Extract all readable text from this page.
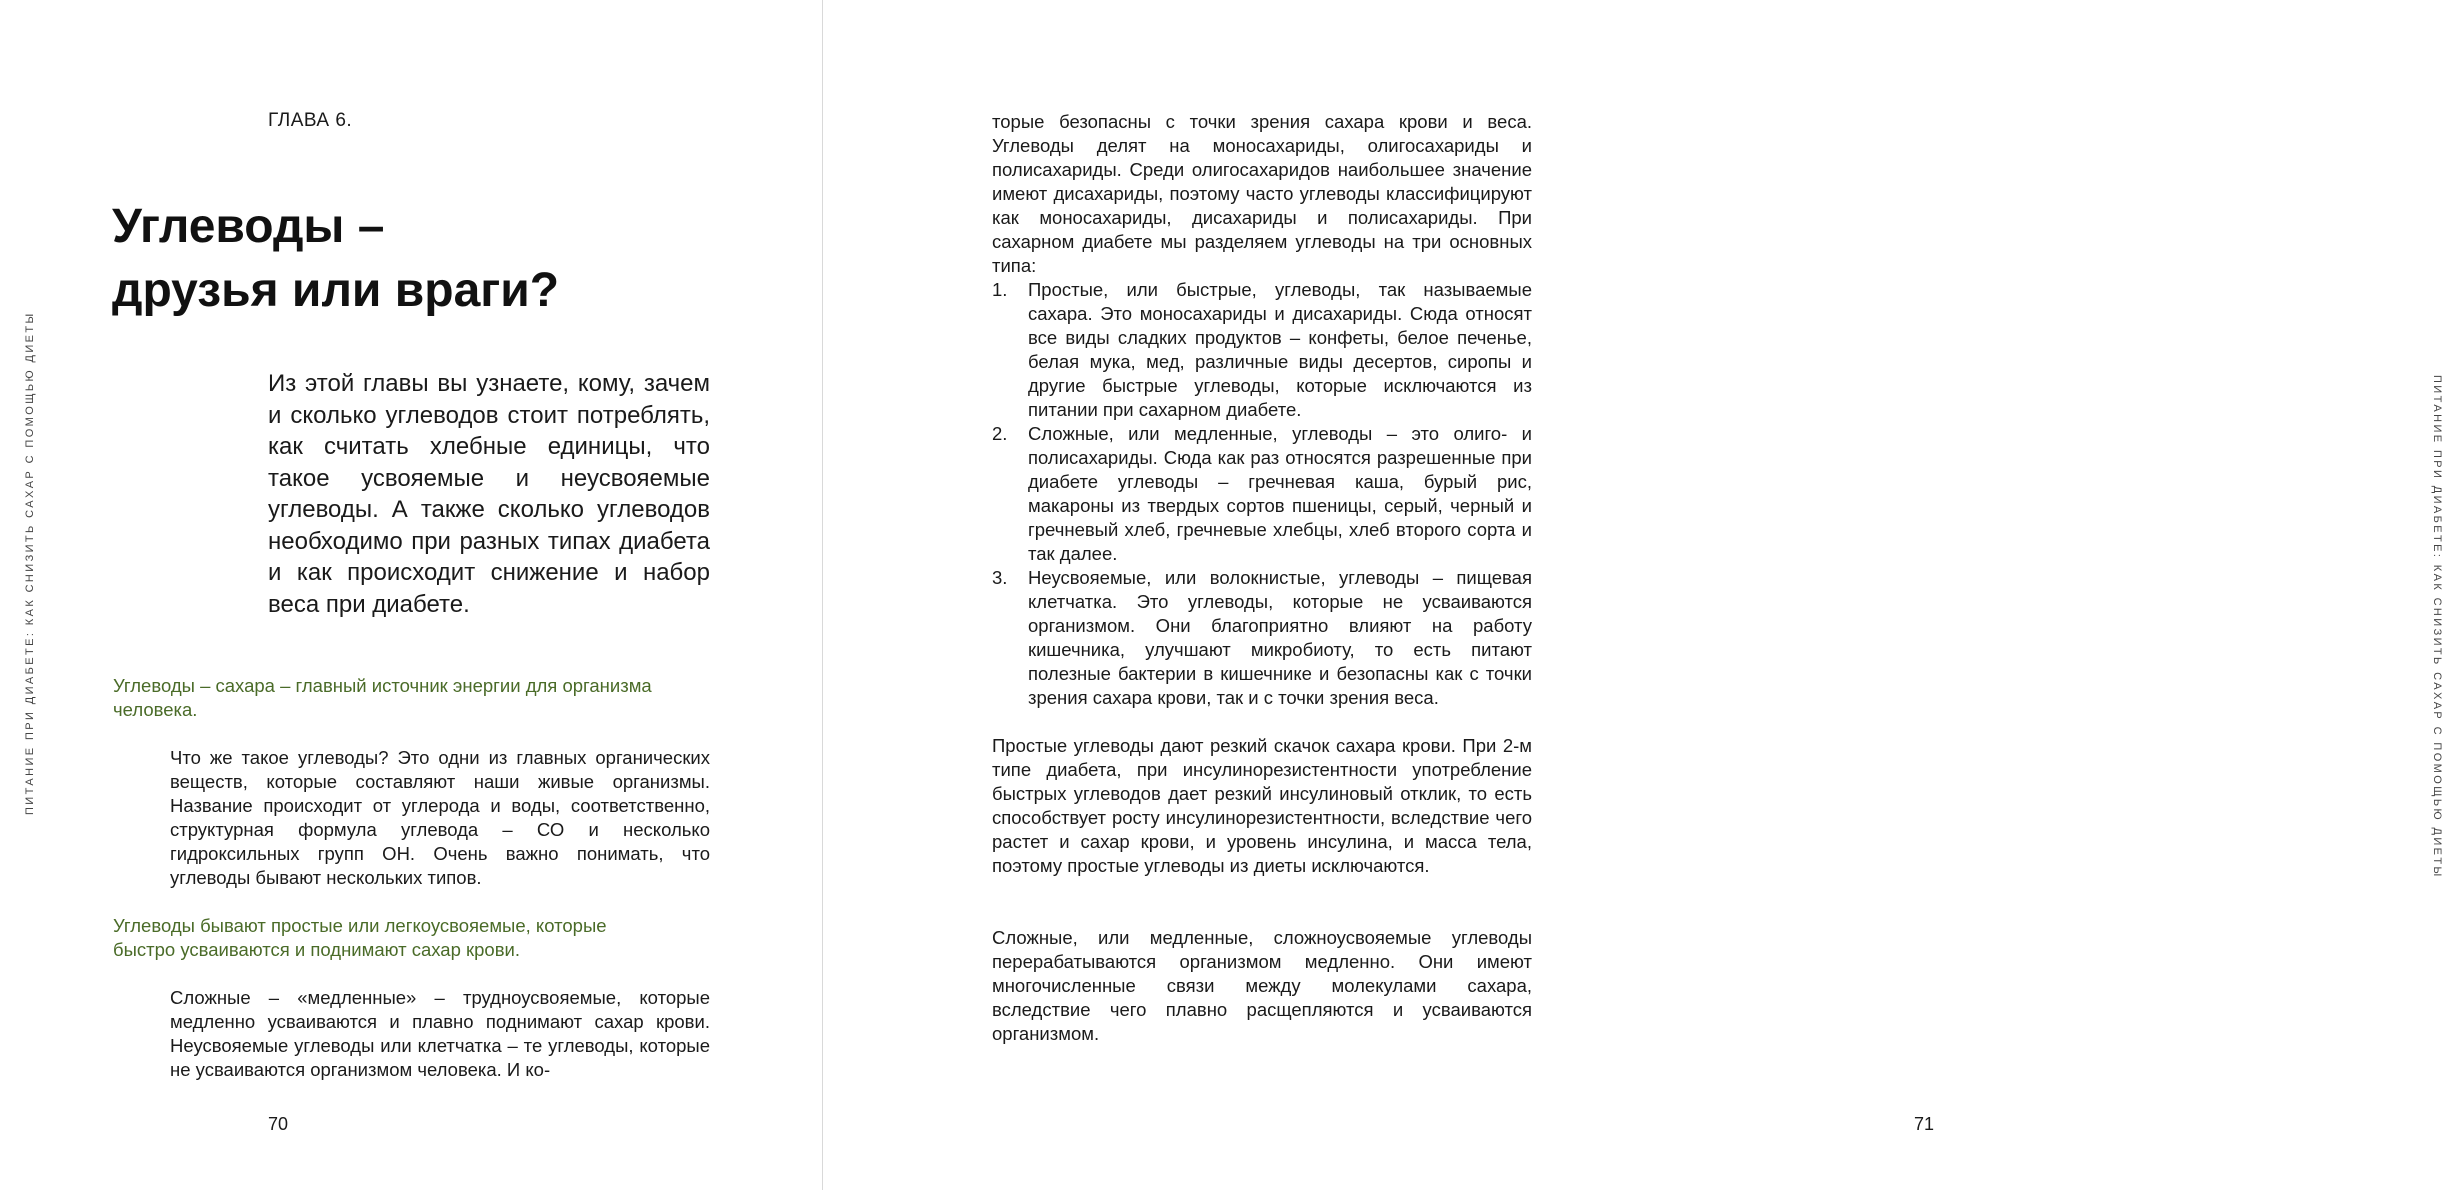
ПИТАНИЕ ПРИ ДИАБЕТЕ: КАК СНИЗИТЬ САХАР С ПОМОЩЬЮ ДИЕТЫ
ГЛАВА 6.
Углеводы –
друзья или враги?

Из этой главы вы узнаете, кому, зачем и сколько углеводов стоит потреблять, как считать хлебные единицы, что такое усвояемые и неусвояемые углеводы. А также сколько углеводов необходимо при разных типах диабета и как происходит снижение и набор веса при диабете.

Углеводы – сахара – главный источник энергии для организма человека.

Что же такое углеводы? Это одни из главных органических веществ, которые составляют наши живые организмы. Название происходит от углерода и воды, соответственно, структурная формула углевода – СО и несколько гидроксильных групп ОН. Очень важно понимать, что углеводы бывают нескольких типов.

Углеводы бывают простые или легкоусвояемые, которые быстро усваиваются и поднимают сахар крови.

Сложные – «медленные» – трудноусвояемые, которые медленно усваиваются и плавно поднимают сахар крови. Неусвояемые углеводы или клетчатка – те углеводы, которые не усваиваются организмом человека. И ко-

70
ПИТАНИЕ ПРИ ДИАБЕТЕ: КАК СНИЗИТЬ САХАР С ПОМОЩЬЮ ДИЕТЫ
71

торые безопасны с точки зрения сахара крови и веса. Углеводы делят на моносахариды, олигосахариды и полисахариды. Среди олигосахаридов наибольшее значение имеют дисахариды, поэтому часто углеводы классифицируют как моносахариды, дисахариды и полисахариды. При сахарном диабете мы разделяем углеводы на три основных типа:

1. Простые, или быстрые, углеводы, так называемые сахара. Это моносахариды и дисахариды. Сюда относят все виды сладких продуктов – конфеты, белое печенье, белая мука, мед, различные виды десертов, сиропы и другие быстрые углеводы, которые исключаются из питании при сахарном диабете.
2. Сложные, или медленные, углеводы – это олиго- и полисахариды. Сюда как раз относятся разрешенные при диабете углеводы – гречневая каша, бурый рис, макароны из твердых сортов пшеницы, серый, черный и гречневый хлеб, гречневые хлебцы, хлеб второго сорта и так далее.
3. Неусвояемые, или волокнистые, углеводы – пищевая клетчатка. Это углеводы, которые не усваиваются организмом. Они благоприятно влияют на работу кишечника, улучшают микробиоту, то есть питают полезные бактерии в кишечнике и безопасны как с точки зрения сахара крови, так и с точки зрения веса.

Простые углеводы дают резкий скачок сахара крови. При 2-м типе диабета, при инсулинорезистентности употребление быстрых углеводов дает резкий инсулиновый отклик, то есть способствует росту инсулинорезистентности, вследствие чего растет и сахар крови, и уровень инсулина, и масса тела, поэтому простые углеводы из диеты исключаются.

Сложные, или медленные, сложноусвояемые углеводы перерабатываются организмом медленно. Они имеют многочисленные связи между молекулами сахара, вследствие чего плавно расщепляются и усваиваются организмом.
